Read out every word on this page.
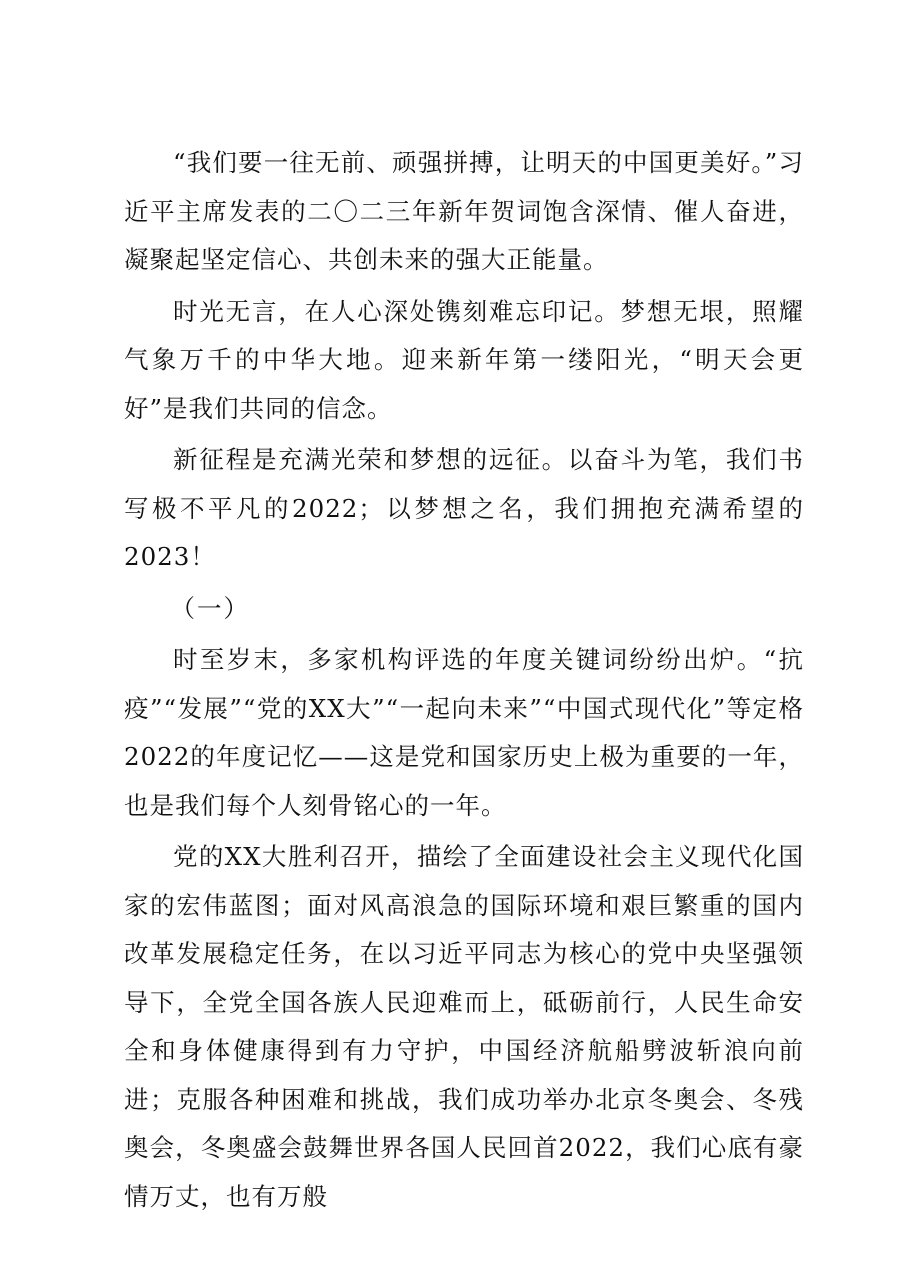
“我们要一往无前、顽强拼搏，让明天的中国更美好。”习近平主席发表的二〇二三年新年贺词饱含深情、催人奋进，凝聚起坚定信心、共创未来的强大正能量。

时光无言，在人心深处镌刻难忘印记。梦想无垠，照耀气象万千的中华大地。迎来新年第一缕阳光，“明天会更好”是我们共同的信念。

新征程是充满光荣和梦想的远征。以奋斗为笔，我们书写极不平凡的2022；以梦想之名，我们拥抱充满希望的2023！

（一）

时至岁末，多家机构评选的年度关键词纷纷出炉。“抗疫”“发展”“党的XX大”“一起向未来”“中国式现代化”等定格2022的年度记忆——这是党和国家历史上极为重要的一年，也是我们每个人刻骨铭心的一年。

党的XX大胜利召开，描绘了全面建设社会主义现代化国家的宏伟蓝图；面对风高浪急的国际环境和艰巨繁重的国内改革发展稳定任务，在以习近平同志为核心的党中央坚强领导下，全党全国各族人民迎难而上，砥砺前行，人民生命安全和身体健康得到有力守护，中国经济航船劈波斩浪向前进；克服各种困难和挑战，我们成功举办北京冬奥会、冬残奥会，冬奥盛会鼓舞世界各国人民回首2022，我们心底有豪情万丈，也有万般
